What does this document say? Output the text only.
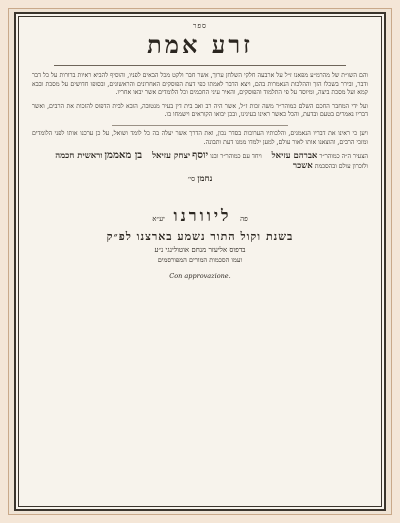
ספר
זרע אמת

והם השו״ת של מהרמ״ע מפאנו ז״ל על ארבעה חלקי השלחן ערוך, אשר חבר ולקט מכל הבאים לפניו, והוסיף להביא ראיות ברורות על כל דבר ודבר, ובירר בשכלו הזך וההלכות הנאמרות בהם, ויצא הדבר לאמתו כפי דעת הפוסקים האחרונים והראשונים, ובסופו חדושים על מסכת ובבא קמא ועל מסכת ביצה, ומיוסד על פי התלמוד והפוסקים, והאיר עיני החכמים וכל הלומדים אשר יבאו אחריו.

ועל ידי המחבר החכם השלם כמוהר״ר משה זכות ז״ל, אשר היה רב ואב בית דין בעיר מנטובה, הובא לבית הדפוס להזכות את הרבים, ואשר דבריו נאמרים בטעם ובדעת, והכל כאשר ראינו בעינינו, ובכן יבואו הקוראים וישמחו בו.

ויען כי ראינו את דבריו הנאמנים, והלכותיו הערוכות בסדר נכון, ואת הדרך אשר יעלה בה כל לומד ושואל, על כן ערכנו אותו לפני הלומדים ומזכי הרבים, והוצאנו אותו לאור עולם, למען ילמדו ממנו דעת ותבונה.

הצעיר ה״ה כמוהר״ר אברהם עזיאל ויחד עם כמוהר״ר ובנו יוסף יצחק עזיאל בן מאממן וראשית חכמה ולזכרון עולם ובהסכמת אשכר
נחמן סי׳
פה ליוורנו יע״א
בשנת וקול התור נשמע בארצנו לפ״ק
בדפוס אליעזר מנחם אוטולינגי נ״ע
ועמו הסכמות המורים המפורסמים
Con approvazione.
